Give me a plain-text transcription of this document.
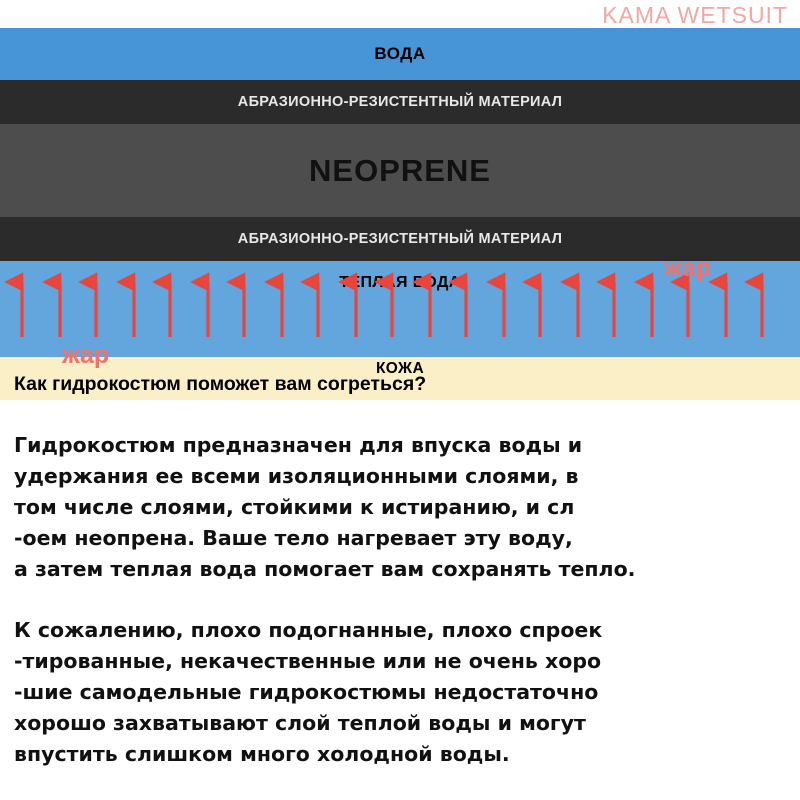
KAMA WETSUIT
ВОДА
АБРАЗИОННО-РЕЗИСТЕНТНЫЙ МАТЕРИАЛ
NEOPRENE
АБРАЗИОННО-РЕЗИСТЕНТНЫЙ МАТЕРИАЛ
ТЕПЛАЯ ВОДА
КОЖА
жар
жар
Как гидрокостюм поможет вам согреться?

Гидрокостюм предназначен для впуска воды и
удержания ее всеми изоляционными слоями, в
том числе слоями, стойкими к истиранию, и сл
-оем неопрена. Ваше тело нагревает эту воду,
а затем теплая вода помогает вам сохранять тепло.

К сожалению, плохо подогнанные, плохо спроек
-тированные, некачественные или не очень хоро
-шие самодельные гидрокостюмы недостаточно
хорошо захватывают слой теплой воды и могут
впустить слишком много холодной воды.
